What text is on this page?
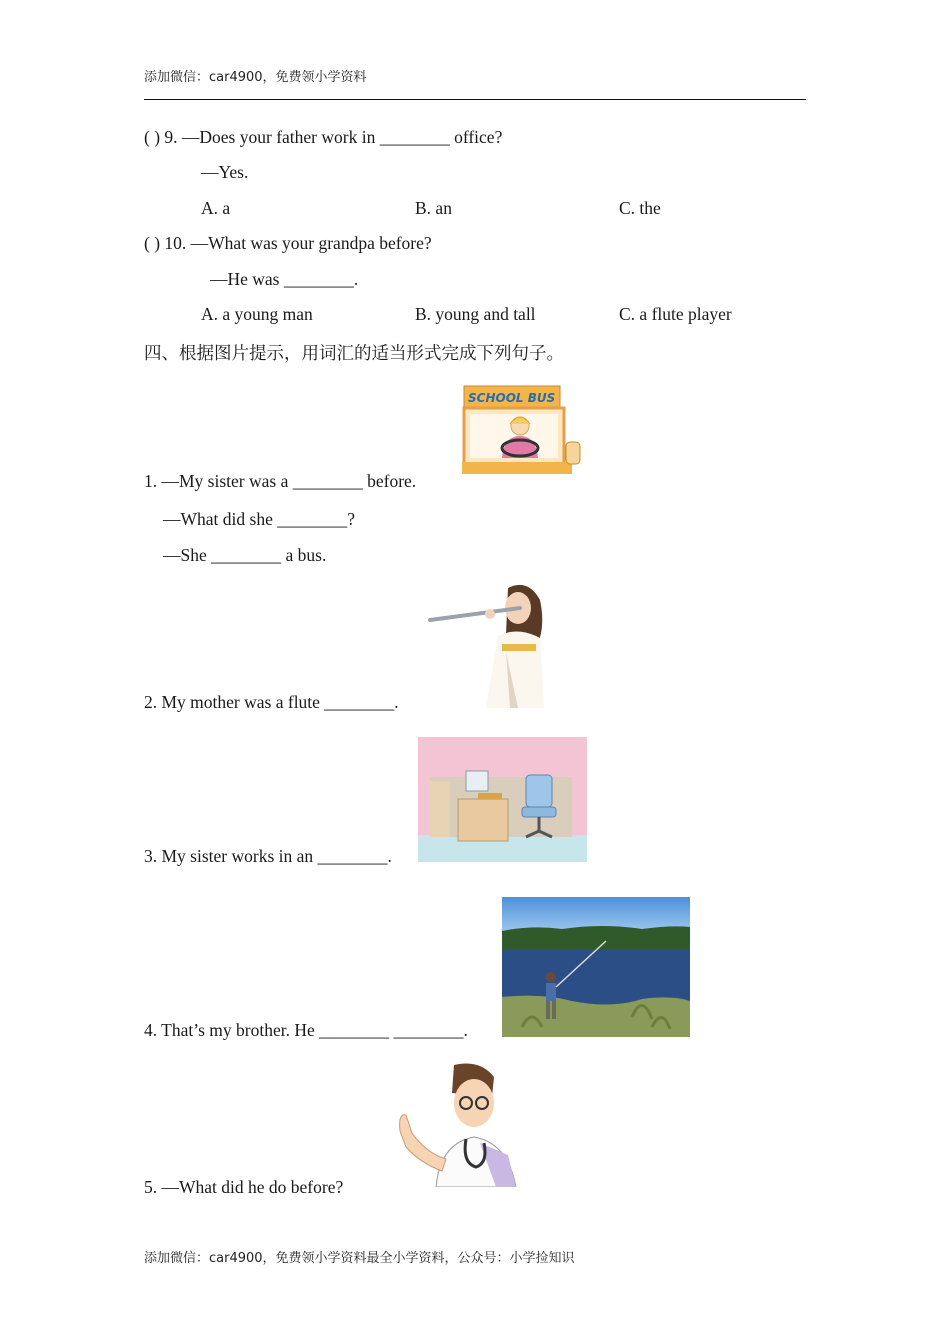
添加微信：car4900，免费领小学资料
( ) 9. —Does your father work in ________ office?
—Yes.
A. a	B. an	C. the
( ) 10. —What was your grandpa before?
—He was ________.
A. a young man	B. young and tall	C. a flute player
四、根据图片提示，用词汇的适当形式完成下列句子。
SCHOOL BUS
1. —My sister was a ________ before.
—What did she ________?
—She ________ a bus.
2. My mother was a flute ________.
3. My sister works in an ________.
4. That’s my brother. He ________ ________.
5. —What did he do before?
添加微信：car4900，免费领小学资料最全小学资料，公众号：小学捡知识
